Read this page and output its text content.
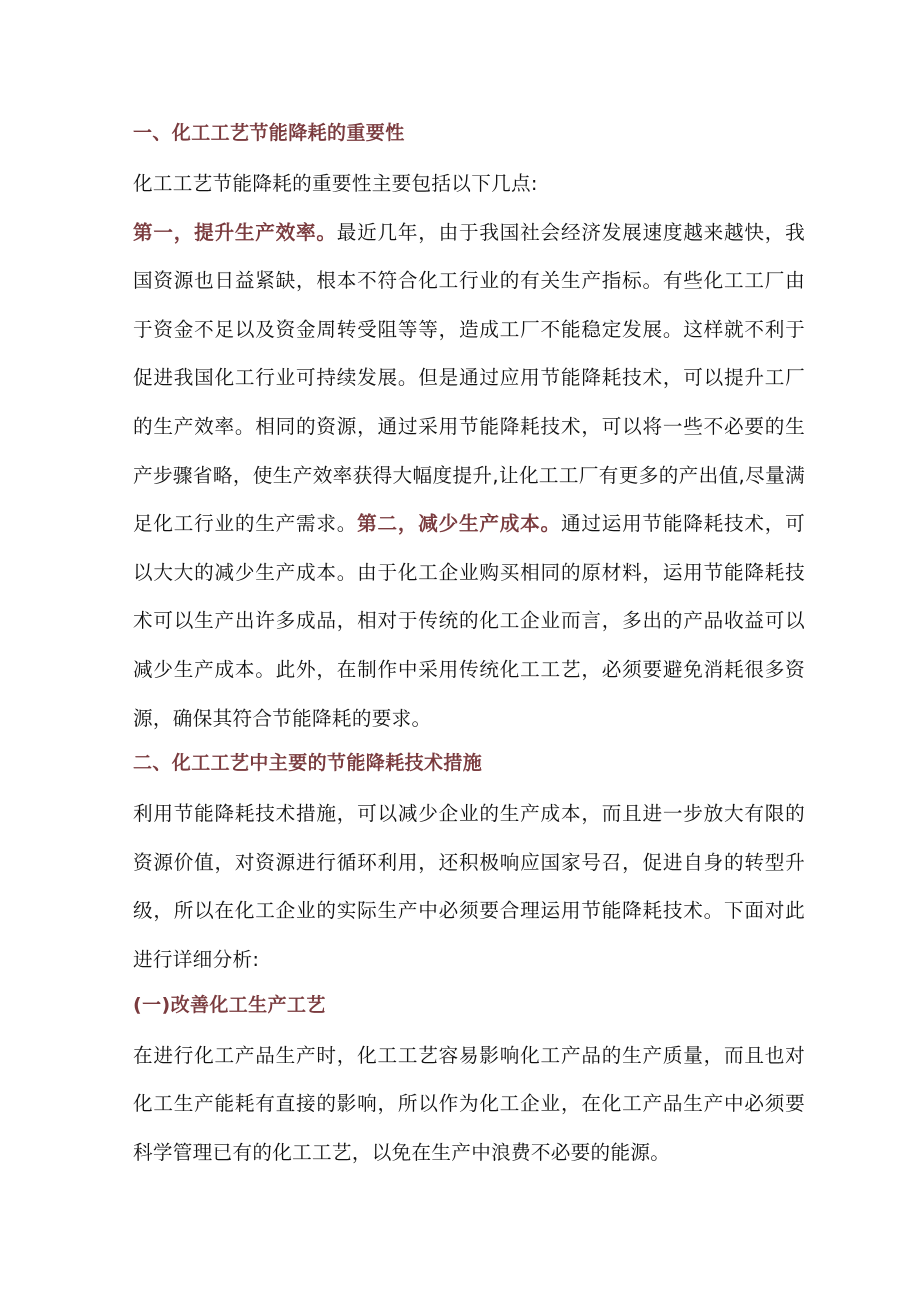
一、化工工艺节能降耗的重要性
化工工艺节能降耗的重要性主要包括以下几点:
第一，提升生产效率。最近几年，由于我国社会经济发展速度越来越快，我国资源也日益紧缺，根本不符合化工行业的有关生产指标。有些化工工厂由于资金不足以及资金周转受阻等等，造成工厂不能稳定发展。这样就不利于促进我国化工行业可持续发展。但是通过应用节能降耗技术，可以提升工厂的生产效率。相同的资源，通过采用节能降耗技术，可以将一些不必要的生产步骤省略，使生产效率获得大幅度提升,让化工工厂有更多的产出值,尽量满足化工行业的生产需求。第二，减少生产成本。通过运用节能降耗技术，可以大大的减少生产成本。由于化工企业购买相同的原材料，运用节能降耗技术可以生产出许多成品，相对于传统的化工企业而言，多出的产品收益可以减少生产成本。此外，在制作中采用传统化工工艺，必须要避免消耗很多资源，确保其符合节能降耗的要求。
二、化工工艺中主要的节能降耗技术措施
利用节能降耗技术措施，可以减少企业的生产成本，而且进一步放大有限的资源价值，对资源进行循环利用，还积极响应国家号召，促进自身的转型升级，所以在化工企业的实际生产中必须要合理运用节能降耗技术。下面对此进行详细分析:
(一)改善化工生产工艺
在进行化工产品生产时，化工工艺容易影响化工产品的生产质量，而且也对化工生产能耗有直接的影响，所以作为化工企业，在化工产品生产中必须要科学管理已有的化工工艺，以免在生产中浪费不必要的能源。
